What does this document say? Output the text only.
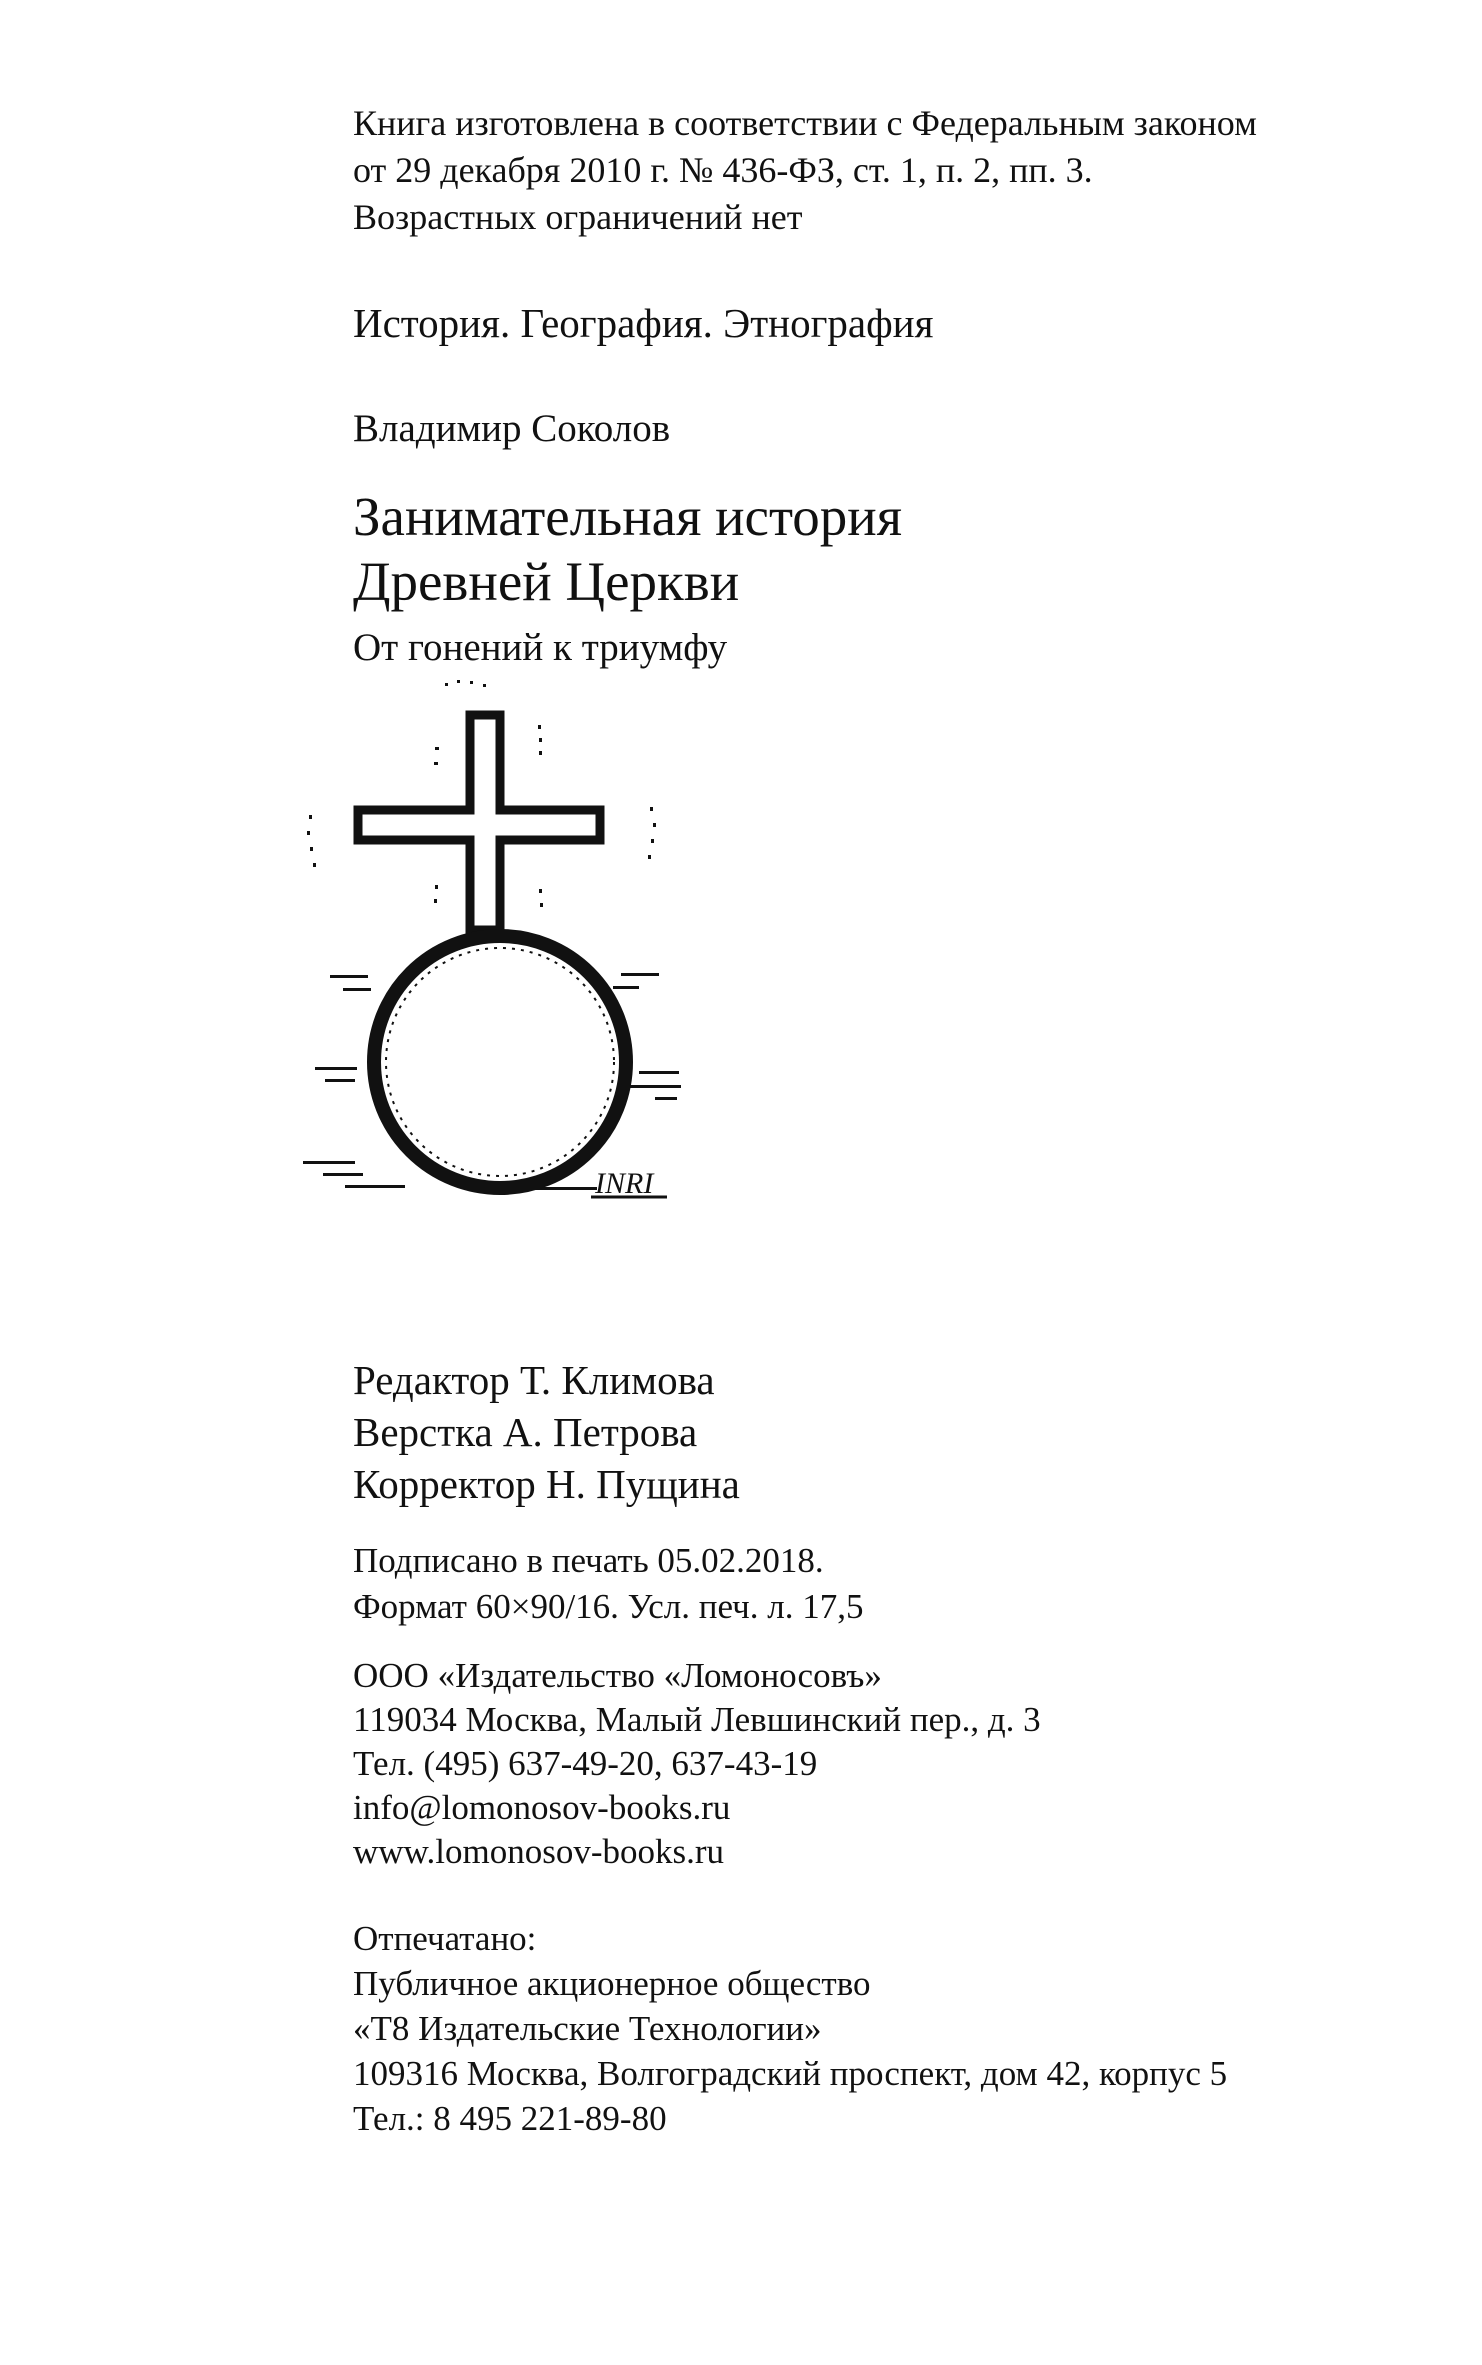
Книга изготовлена в соответствии с Федеральным законом
от 29 декабря 2010 г. № 436-ФЗ, ст. 1, п. 2, пп. 3.
Возрастных ограничений нет
История. География. Этнография
Владимир Соколов
Занимательная история
Древней Церкви
От гонений к триумфу
INRI
Редактор Т. Климова
Верстка А. Петрова
Корректор Н. Пущина
Подписано в печать 05.02.2018.
Формат 60×90/16. Усл. печ. л. 17,5
ООО «Издательство «Ломоносовъ»
119034 Москва, Малый Левшинский пер., д. 3
Тел. (495) 637-49-20, 637-43-19
info@lomonosov-books.ru
www.lomonosov-books.ru
Отпечатано:
Публичное акционерное общество
«Т8 Издательские Технологии»
109316 Москва, Волгоградский проспект, дом 42, корпус 5
Тел.: 8 495 221-89-80
